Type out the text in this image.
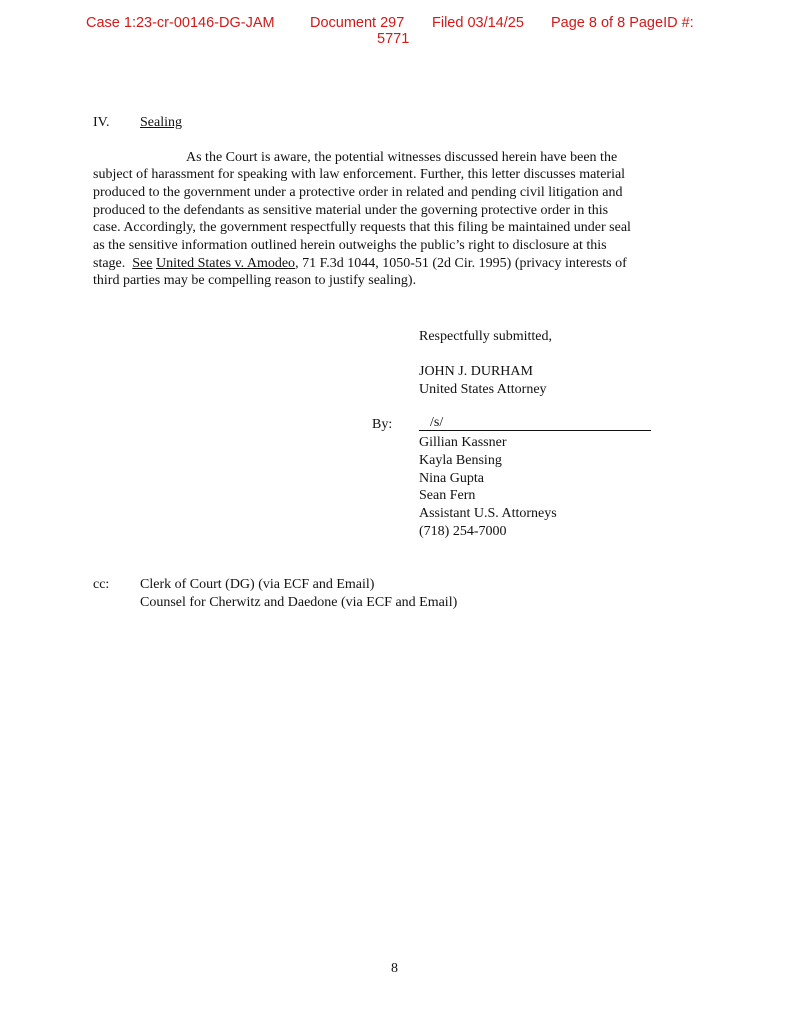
Case 1:23-cr-00146-DG-JAM Document 297 Filed 03/14/25 Page 8 of 8 PageID #:
5771
IV. Sealing
As the Court is aware, the potential witnesses discussed herein have been the
subject of harassment for speaking with law enforcement. Further, this letter discusses material
produced to the government under a protective order in related and pending civil litigation and
produced to the defendants as sensitive material under the governing protective order in this
case. Accordingly, the government respectfully requests that this filing be maintained under seal
as the sensitive information outlined herein outweighs the public’s right to disclosure at this
stage.  See United States v. Amodeo, 71 F.3d 1044, 1050-51 (2d Cir. 1995) (privacy interests of
third parties may be compelling reason to justify sealing).
Respectfully submitted,
JOHN J. DURHAM
United States Attorney
By:	/s/
Gillian Kassner
Kayla Bensing
Nina Gupta
Sean Fern
Assistant U.S. Attorneys
(718) 254-7000
cc: Clerk of Court (DG) (via ECF and Email)
Counsel for Cherwitz and Daedone (via ECF and Email)
8
